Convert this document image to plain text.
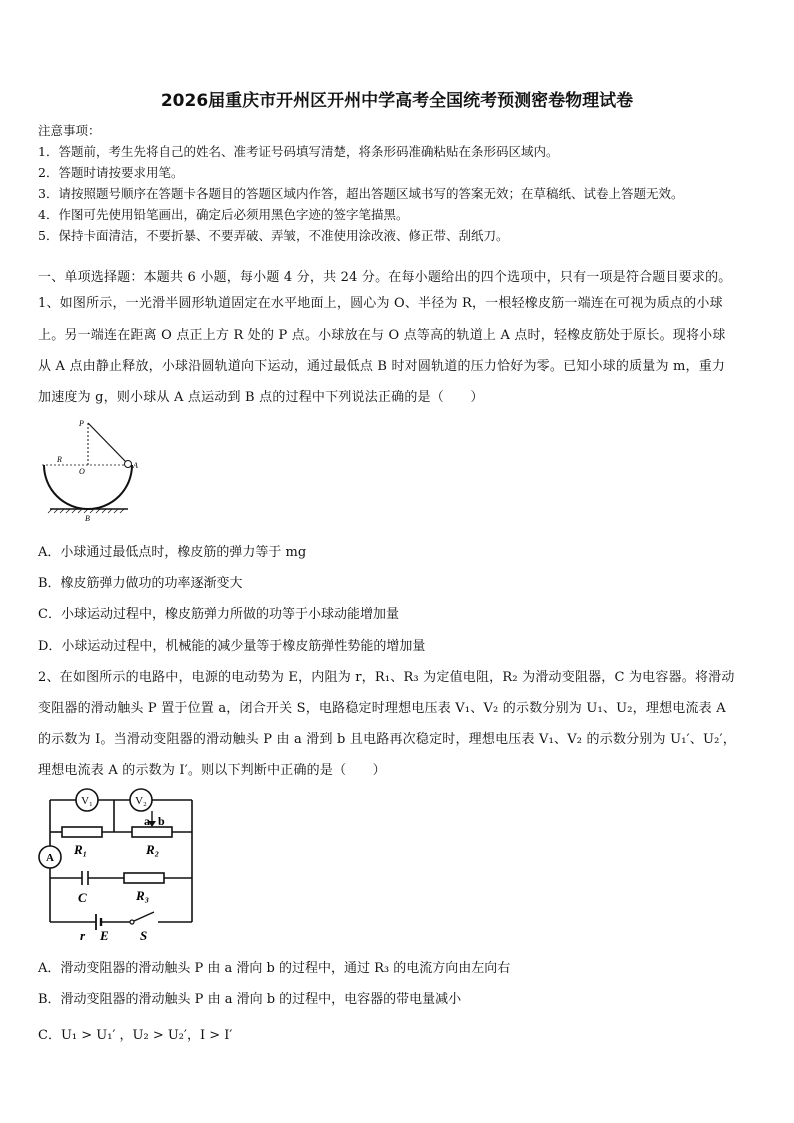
2026届重庆市开州区开州中学高考全国统考预测密卷物理试卷
注意事项：
1．答题前，考生先将自己的姓名、准考证号码填写清楚，将条形码准确粘贴在条形码区域内。
2．答题时请按要求用笔。
3．请按照题号顺序在答题卡各题目的答题区域内作答，超出答题区域书写的答案无效；在草稿纸、试卷上答题无效。
4．作图可先使用铅笔画出，确定后必须用黑色字迹的签字笔描黑。
5．保持卡面清洁，不要折暴、不要弄破、弄皱，不准使用涂改液、修正带、刮纸刀。
一、单项选择题：本题共 6 小题，每小题 4 分，共 24 分。在每小题给出的四个选项中，只有一项是符合题目要求的。
1、如图所示，一光滑半圆形轨道固定在水平地面上，圆心为 O、半径为 R，一根轻橡皮筋一端连在可视为质点的小球
上。另一端连在距离 O 点正上方 R 处的 P 点。小球放在与 O 点等高的轨道上 A 点时，轻橡皮筋处于原长。现将小球
从 A 点由静止释放，小球沿圆轨道向下运动，通过最低点 B 时对圆轨道的压力恰好为零。已知小球的质量为 m，重力
加速度为 g，则小球从 A 点运动到 B 点的过程中下列说法正确的是（　　）
P
R
O
A
B
A．小球通过最低点时，橡皮筋的弹力等于 mg
B．橡皮筋弹力做功的功率逐渐变大
C．小球运动过程中，橡皮筋弹力所做的功等于小球动能增加量
D．小球运动过程中，机械能的减少量等于橡皮筋弹性势能的增加量
2、在如图所示的电路中，电源的电动势为 E，内阻为 r，R₁、R₃ 为定值电阻，R₂ 为滑动变阻器，C 为电容器。将滑动
变阻器的滑动触头 P 置于位置 a，闭合开关 S，电路稳定时理想电压表 V₁、V₂ 的示数分别为 U₁、U₂，理想电流表 A
的示数为 I。当滑动变阻器的滑动触头 P 由 a 滑到 b 且电路再次稳定时，理想电压表 V₁、V₂ 的示数分别为 U₁′、U₂′，
理想电流表 A 的示数为 I′。则以下判断中正确的是（　　）
V₁	V₂
A
a b
R₁	R₂
C	R₃
r E S
A．滑动变阻器的滑动触头 P 由 a 滑向 b 的过程中，通过 R₃ 的电流方向由左向右
B．滑动变阻器的滑动触头 P 由 a 滑向 b 的过程中，电容器的带电量减小
C．U₁ > U₁′ ，U₂ > U₂′，I > I′
